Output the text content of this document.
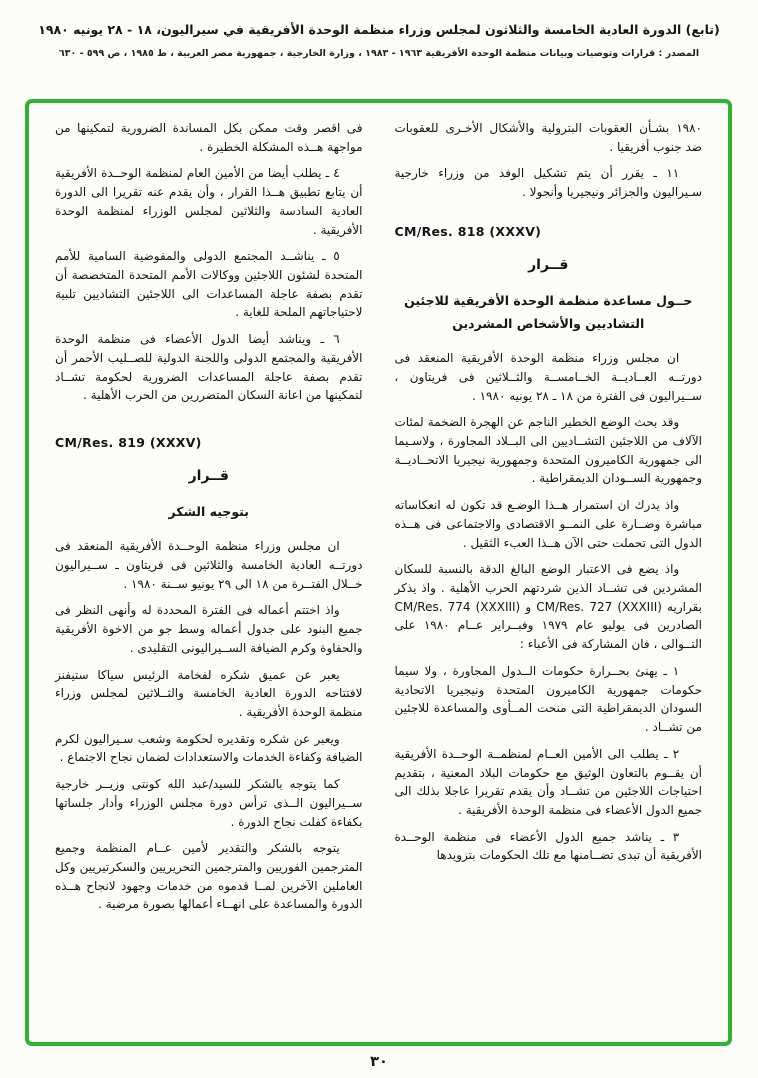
(تابع) الدورة العادية الخامسة والثلاثون لمجلس وزراء منظمة الوحدة الأفريقية في سيراليون، ١٨ - ٢٨ يونيه ١٩٨٠
المصدر : قرارات وتوصيات وبيانات منظمة الوحدة الأفريقية ١٩٦٣ - ١٩٨٣ ، وزارة الخارجية ، جمهورية مصر العربية ، ط ١٩٨٥ ، ص ٥٩٩ - ٦٣٠

١٩٨٠ بشـأن العقوبات البترولية والأشكال الأخـرى للعقوبات ضد جنوب أفريقيا .

١١ ـ يقرر أن يتم تشكيل الوفد من وزراء خارجية سـيراليون والجزائر ونيجيريا وأنجولا .

CM/Res. 818 (XXXV)
قــرار
حــول مساعدة منظمة الوحدة الأفريقية للاجئين التشاديين والأشخاص المشردين

ان مجلس وزراء منظمة الوحدة الأفريقية المنعقد فى دورتــه العــاديــة الخــامســة والثــلاثين فى فريتاون ، ســيراليون فى الفترة من ١٨ ـ ٢٨ يونيه ١٩٨٠ .

وقد بحث الوضع الخطير الناجم عن الهجرة الضخمة لمئات الآلاف من اللاجئين التشــاديين الى البــلاد المجاورة ، ولاسـيما الى جمهورية الكاميرون المتحدة وجمهورية نيجيريا الاتحــاديــة وجمهورية الســودان الديمقراطية .

واذ يدرك ان استمرار هــذا الوضـع قد تكون له انعكاساته مباشرة وضــارة على النمــو الاقتصادى والاجتماعى فى هــذه الدول التى تحملت حتى الآن هــذا العبء الثقيل .

واذ يضع فى الاعتبار الوضع البالغ الدقة بالنسبة للسكان المشردين فى تشــاد الذين شردتهم الحرب الأهلية . واذ يذكر بقراريه CM/Res. 727 (XXXIII) و CM/Res. 774 (XXXIII) الصادرين فى يوليو عام ١٩٧٩ وفبــراير عــام ١٩٨٠ على التــوالى ، فان المشاركة فى الأعباء :

١ ـ يهنئ بحــرارة حكومات الــدول المجاورة ، ولا سيما حكومات جمهورية الكاميرون المتحدة ونيجيريا الاتحادية السودان الديمقراطية التى منحت المــأوى والمساعدة للاجئين من تشــاد .

٢ ـ يطلب الى الأمين العــام لمنظمــة الوحــدة الأفريقية أن يقــوم بالتعاون الوثيق مع حكومات البلاد المعنية ، بتقديم احتياجات اللاجئين من تشــاد وأن يقدم تقريرا عاجلا بذلك الى جميع الدول الأعضاء فى منظمة الوحدة الأفريقية .

٣ ـ يناشد جميع الدول الأعضاء فى منظمة الوحــدة الأفريقية أن تبدى تضــامنها مع تلك الحكومات بتزويدها

فى اقصر وقت ممكن بكل المساندة الضرورية لتمكينها من مواجهة هــذه المشكلة الخطيرة .

٤ ـ يطلب أيضا من الأمين العام لمنظمة الوحــدة الأفريقية أن يتابع تطبيق هــذا القرار ، وأن يقدم عنه تقريرا الى الدورة العادية السادسة والثلاثين لمجلس الوزراء لمنظمة الوحدة الأفريقية .

٥ ـ يناشــد المجتمع الدولى والمفوضية السامية للأمم المتحدة لشئون اللاجئين ووكالات الأمم المتحدة المتخصصة أن تقدم بصفة عاجلة المساعدات الى اللاجئين التشاديين تلبية لاحتياجاتهم الملحة للغاية .

٦ ـ ويناشد أيضا الدول الأعضاء فى منظمة الوحدة الأفريقية والمجتمع الدولى واللجنة الدولية للصــليب الأحمر أن تقدم بصفة عاجلة المساعدات الضرورية لحكومة تشــاد لتمكينها من اعانة السكان المتضررين من الحرب الأهلية .

CM/Res. 819 (XXXV)
قــرار
بتوجيه الشكر

ان مجلس وزراء منظمة الوحــدة الأفريقية المنعقد فى دورتــه العادية الخامسة والثلاثين فى فريتاون ـ ســيراليون خــلال الفتــرة من ١٨ الى ٢٩ يونيو ســنة ١٩٨٠ .

واذ اختتم أعماله فى الفترة المحددة له وأنهى النظر فى جميع البنود على جدول أعماله وسط جو من الاخوة الأفريقية والحفاوة وكرم الضيافة الســيراليونى التقليدى .

يعبر عن عميق شكره لفخامة الرئيس سياكا ستيفنز لافتتاحه الدورة العادية الخامسة والثــلاثين لمجلس وزراء منظمة الوحدة الأفريقية .

ويعبر عن شكره وتقديره لحكومة وشعب سـيراليون لكرم الضيافة وكفاءة الخدمات والاستعدادات لضمان نجاح الاجتماع .

كما يتوجه بالشكر للسيد/عبد الله كونتى وزيــر خارجية ســيراليون الــذى ترأس دورة مجلس الوزراء وأدار جلساتها بكفاءة كفلت نجاح الدورة .

يتوجه بالشكر والتقدير لأمين عــام المنظمة وجميع المترجمين الفوريين والمترجمين التحريريين والسكرتيريين وكل العاملين الآخرين لمــا قدموه من خدمات وجهود لانجاح هــذه الدورة والمساعدة على انهــاء أعمالها بصورة مرضية .

٣٠
